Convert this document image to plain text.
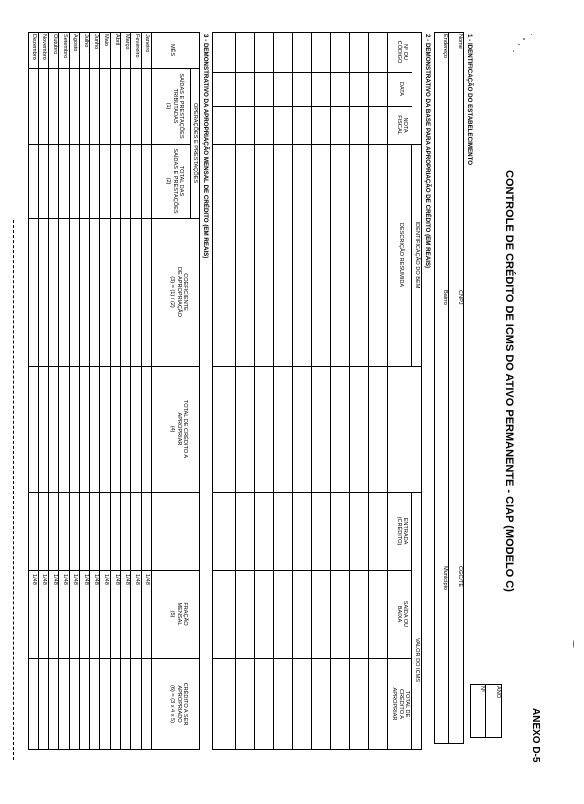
ANEXO D-5
CONTROLE DE CRÉDITO DE ICMS DO ATIVO PERMANENTE - CIAP (MODELO C)
ANO
Nº
1 - IDENTIFICAÇÃO DO ESTABELECIMENTO
Nome
Endereço
CNPJ
Bairro
CGC/TE
Município
2 - DEMONSTRATIVO DA BASE PARA APROPRIAÇÃO DE CRÉDITO (EM REAIS)
IDENTIFICAÇÃO DO BEM
VALOR DO ICMS
Nº OU
CÓDIGO
DATA
NOTA
FISCAL
DESCRIÇÃO RESUMIDA
ENTRADA
(CRÉDITO)
SAÍDA OU
BAIXA
TOTAL DE
CRÉDITO A
APROPRIAR
3 - DEMONSTRATIVO DA APROPRIAÇÃO MENSAL DE CRÉDITO (EM REAIS)
OPERAÇÕES E PRESTAÇÕES
MÊS
SAÍDAS E PRESTAÇÕES
TRIBUTADAS
(1)
TOTAL DAS
SAÍDAS E PRESTAÇÕES
(2)
COEFICIENTE
DE APROPRIAÇÃO
(3) = (1) / (2)
TOTAL DE CRÉDITO A
APROPRIAR
(4)
FRAÇÃO
MENSAL
(5)
CRÉDITO A SER
APROPRIADO
(6) = (3 x 4 x 5)
Janeiro
1/48
Fevereiro
1/48
Março
1/48
Abril
1/48
Maio
1/48
Junho
1/48
Julho
1/48
Agosto
1/48
Setembro
1/48
Outubro
1/48
Novembro
1/48
Dezembro
1/48
